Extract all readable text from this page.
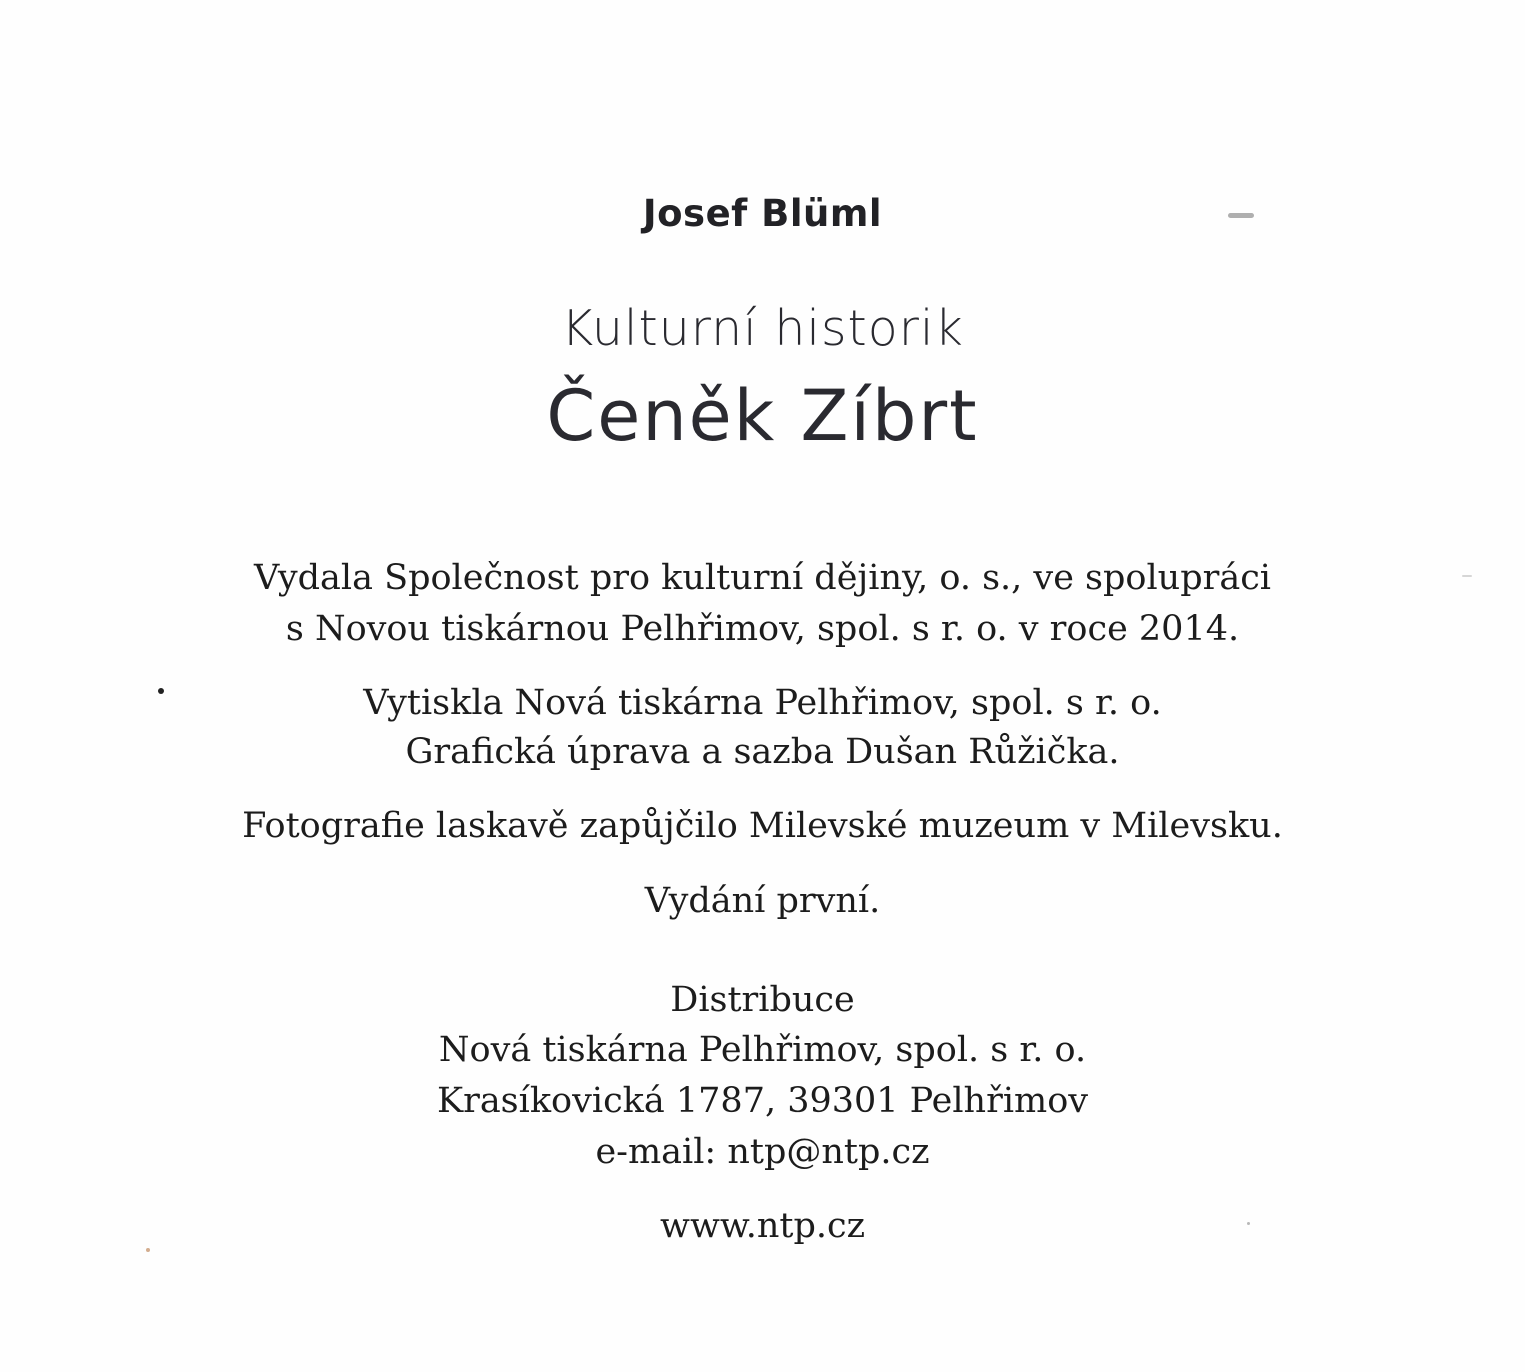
Josef Blüml

Kulturní historik

Čeněk Zíbrt

Vydala Společnost pro kulturní dějiny, o. s., ve spolupráci

s Novou tiskárnou Pelhřimov, spol. s r. o. v roce 2014.

Vytiskla Nová tiskárna Pelhřimov, spol. s r. o.

Grafická úprava a sazba Dušan Růžička.

Fotografie laskavě zapůjčilo Milevské muzeum v Milevsku.

Vydání první.

Distribuce

Nová tiskárna Pelhřimov, spol. s r. o.

Krasíkovická 1787, 39301 Pelhřimov

e-mail: ntp@ntp.cz

www.ntp.cz
